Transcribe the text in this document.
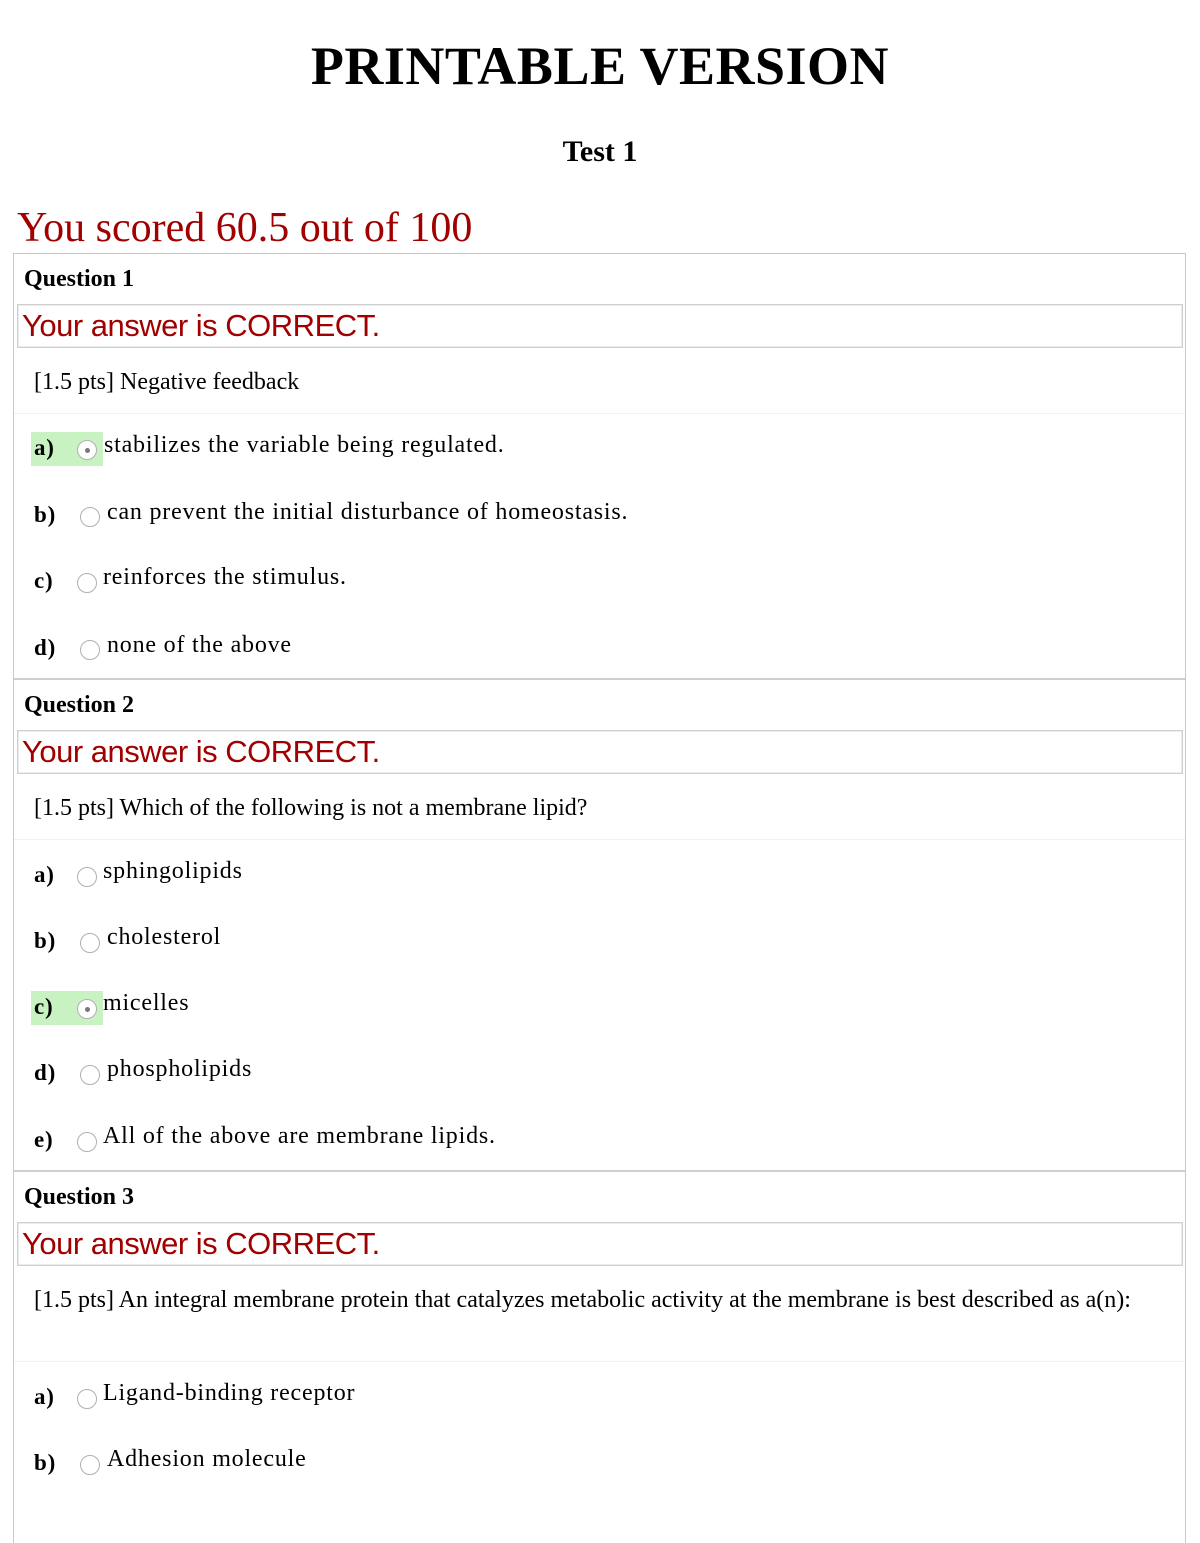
PRINTABLE VERSION
Test 1
You scored 60.5 out of 100
Question 1
Your answer is CORRECT.
[1.5 pts] Negative feedback
a) stabilizes the variable being regulated.
b) can prevent the initial disturbance of homeostasis.
c) reinforces the stimulus.
d) none of the above
Question 2
Your answer is CORRECT.
[1.5 pts] Which of the following is not a membrane lipid?
a) sphingolipids
b) cholesterol
c) micelles
d) phospholipids
e) All of the above are membrane lipids.
Question 3
Your answer is CORRECT.
[1.5 pts] An integral membrane protein that catalyzes metabolic activity at the membrane is best described as a(n):
a) Ligand-binding receptor
b) Adhesion molecule
